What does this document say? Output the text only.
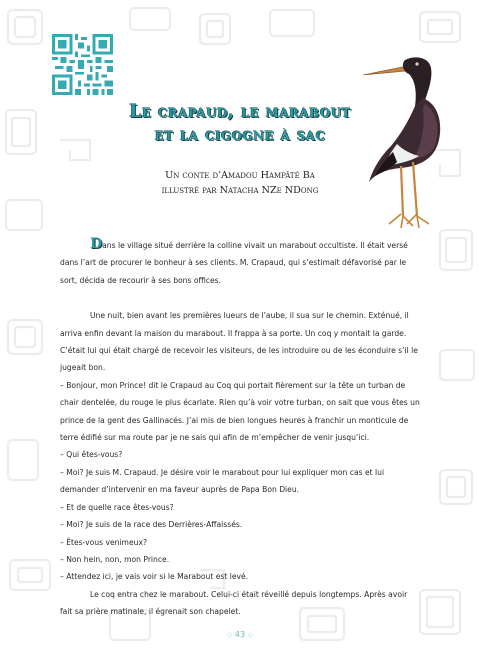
Le crapaud, le marabout
et la cigogne à sac
Un conte d’Amadou Hampâté Ba
illustré par Natacha NZe NDong

Dans le village situé derrière la colline vivait un marabout occultiste. Il était versé dans l’art de procurer le bonheur à ses clients. M. Crapaud, qui s’estimait défavorisé par le sort, décida de recourir à ses bons offices.

Une nuit, bien avant les premières lueurs de l’aube, il sua sur le chemin. Exténué, il arriva enfin devant la maison du marabout. Il frappa à sa porte. Un coq y montait la garde. C’était lui qui était chargé de recevoir les visiteurs, de les introduire ou de les éconduire s’il le jugeait bon.

– Bonjour, mon Prince! dit le Crapaud au Coq qui portait fièrement sur la tête un turban de chair dentelée, du rouge le plus écarlate. Rien qu’à voir votre turban, on sait que vous êtes un prince de la gent des Gallinacés. J’ai mis de bien longues heures à franchir un monticule de terre édifié sur ma route par je ne sais qui afin de m’empêcher de venir jusqu’ici.

– Qui êtes-vous?

– Moi? Je suis M. Crapaud. Je désire voir le marabout pour lui expliquer mon cas et lui demander d’intervenir en ma faveur auprès de Papa Bon Dieu.

– Et de quelle race êtes-vous?

– Moi? Je suis de la race des Derrières-Affaissés.

– Êtes-vous venimeux?

– Non hein, non, mon Prince.

– Attendez ici, je vais voir si le Marabout est levé.

Le coq entra chez le marabout. Celui-ci était réveillé depuis longtemps. Après avoir fait sa prière matinale, il égrenait son chapelet.

◇ 43 ◇
